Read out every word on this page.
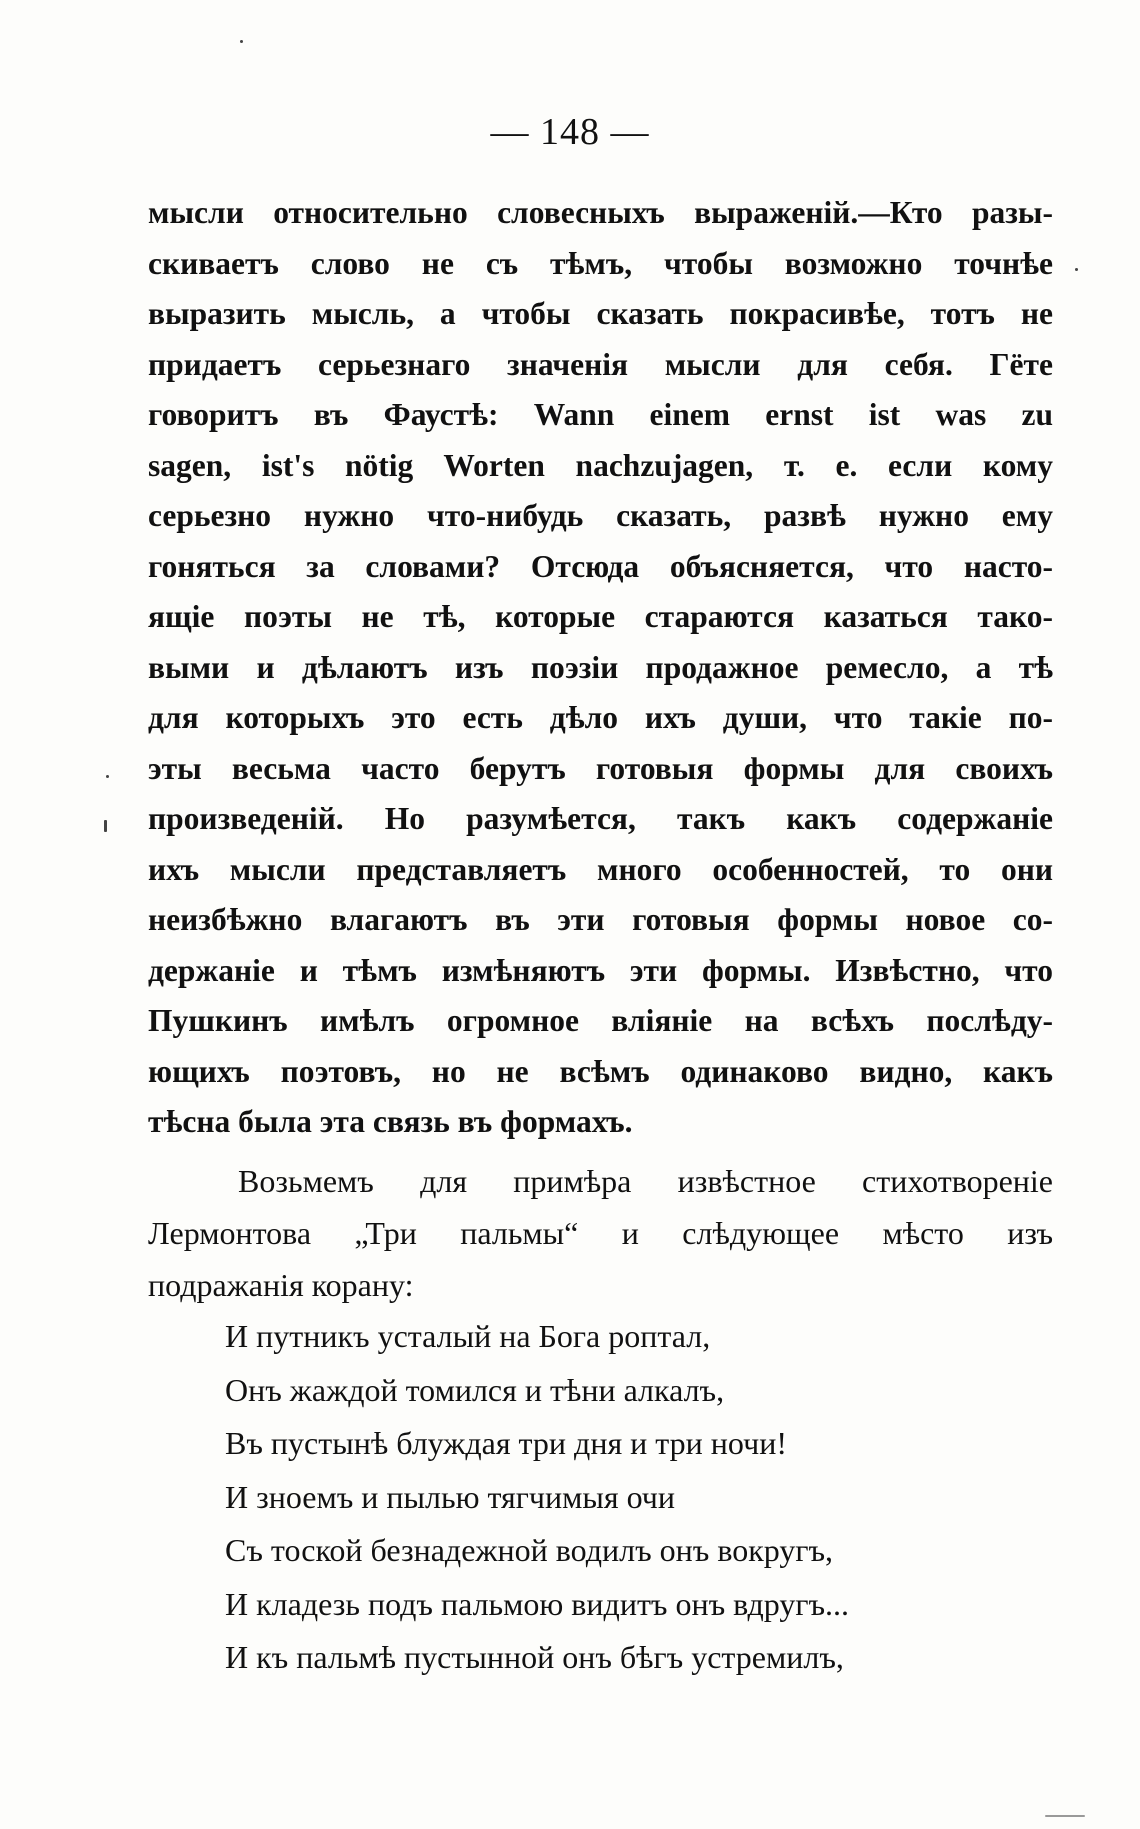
— 148 —
мысли относительно словесныхъ выраженій.—Кто разы-
скиваетъ слово не съ тѣмъ, чтобы возможно точнѣе
выразить мысль, а чтобы сказать покрасивѣе, тотъ не
придаетъ серьезнаго значенія мысли для себя. Гёте
говоритъ въ Фаустѣ: Wann einem ernst ist was zu
sagen, ist's nötig Worten nachzujagen, т. е. если кому
серьезно нужно что-нибудь сказать, развѣ нужно ему
гоняться за словами? Отсюда объясняется, что насто-
ящіе поэты не тѣ, которые стараются казаться тако-
выми и дѣлаютъ изъ поэзіи продажное ремесло, а тѣ
для которыхъ это есть дѣло ихъ души, что такіе по-
эты весьма часто берутъ готовыя формы для своихъ
произведеній. Но разумѣется, такъ какъ содержаніе
ихъ мысли представляетъ много особенностей, то они
неизбѣжно влагаютъ въ эти готовыя формы новое со-
держаніе и тѣмъ измѣняютъ эти формы. Извѣстно, что
Пушкинъ имѣлъ огромное вліяніе на всѣхъ послѣду-
ющихъ поэтовъ, но не всѣмъ одинаково видно, какъ
тѣсна была эта связь въ формахъ.
Возьмемъ для примѣра извѣстное стихотвореніе
Лермонтова „Три пальмы“ и слѣдующее мѣсто изъ
подражанія корану:
И путникъ усталый на Бога роптал,
Онъ жаждой томился и тѣни алкалъ,
Въ пустынѣ блуждая три дня и три ночи!
И зноемъ и пылью тягчимыя очи
Съ тоской безнадежной водилъ онъ вокругъ,
И кладезь подъ пальмою видитъ онъ вдругъ...
И къ пальмѣ пустынной онъ бѣгъ устремилъ,
